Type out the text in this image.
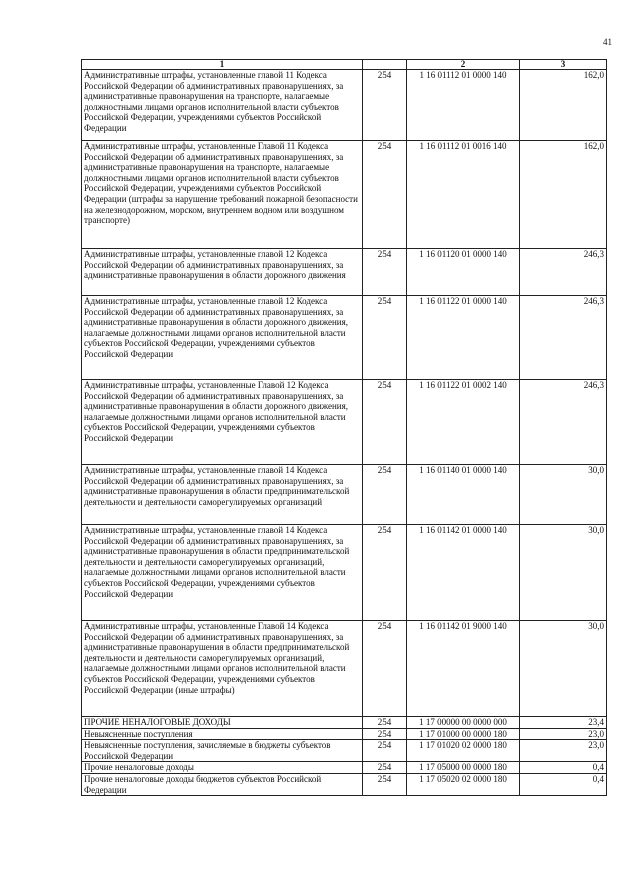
41
1		2	3
Административные штрафы, установленные главой 11 Кодекса Российской Федерации об административных правонарушениях, за административные правонарушения на транспорте, налагаемые должностными лицами органов исполнительной власти субъектов Российской Федерации, учреждениями субъектов Российской Федерации	254	1 16 01112 01 0000 140	162,0
Административные штрафы, установленные Главой 11 Кодекса Российской Федерации об административных правонарушениях, за административные правонарушения на транспорте, налагаемые должностными лицами органов исполнительной власти субъектов Российской Федерации, учреждениями субъектов Российской Федерации (штрафы за нарушение требований пожарной безопасности на железнодорожном, морском, внутреннем водном или воздушном транспорте)	254	1 16 01112 01 0016 140	162,0
Административные штрафы, установленные главой 12 Кодекса Российской Федерации об административных правонарушениях, за административные правонарушения в области дорожного движения	254	1 16 01120 01 0000 140	246,3
Административные штрафы, установленные главой 12 Кодекса Российской Федерации об административных правонарушениях, за административные правонарушения в области дорожного движения, налагаемые должностными лицами органов исполнительной власти субъектов Российской Федерации, учреждениями субъектов Российской Федерации	254	1 16 01122 01 0000 140	246,3
Административные штрафы, установленные Главой 12 Кодекса Российской Федерации об административных правонарушениях, за административные правонарушения в области дорожного движения, налагаемые должностными лицами органов исполнительной власти субъектов Российской Федерации, учреждениями субъектов Российской Федерации	254	1 16 01122 01 0002 140	246,3
Административные штрафы, установленные главой 14 Кодекса Российской Федерации об административных правонарушениях, за административные правонарушения в области предпринимательской деятельности и деятельности саморегулируемых организаций	254	1 16 01140 01 0000 140	30,0
Административные штрафы, установленные главой 14 Кодекса Российской Федерации об административных правонарушениях, за административные правонарушения в области предпринимательской деятельности и деятельности саморегулируемых организаций, налагаемые должностными лицами органов исполнительной власти субъектов Российской Федерации, учреждениями субъектов Российской Федерации	254	1 16 01142 01 0000 140	30,0
Административные штрафы, установленные Главой 14 Кодекса Российской Федерации об административных правонарушениях, за административные правонарушения в области предпринимательской деятельности и деятельности саморегулируемых организаций, налагаемые должностными лицами органов исполнительной власти субъектов Российской Федерации, учреждениями субъектов Российской Федерации (иные штрафы)	254	1 16 01142 01 9000 140	30,0
ПРОЧИЕ НЕНАЛОГОВЫЕ ДОХОДЫ	254	1 17 00000 00 0000 000	23,4
Невыясненные поступления	254	1 17 01000 00 0000 180	23,0
Невыясненные поступления, зачисляемые в бюджеты субъектов Российской Федерации	254	1 17 01020 02 0000 180	23,0
Прочие неналоговые доходы	254	1 17 05000 00 0000 180	0,4
Прочие неналоговые доходы бюджетов субъектов Российской Федерации	254	1 17 05020 02 0000 180	0,4
